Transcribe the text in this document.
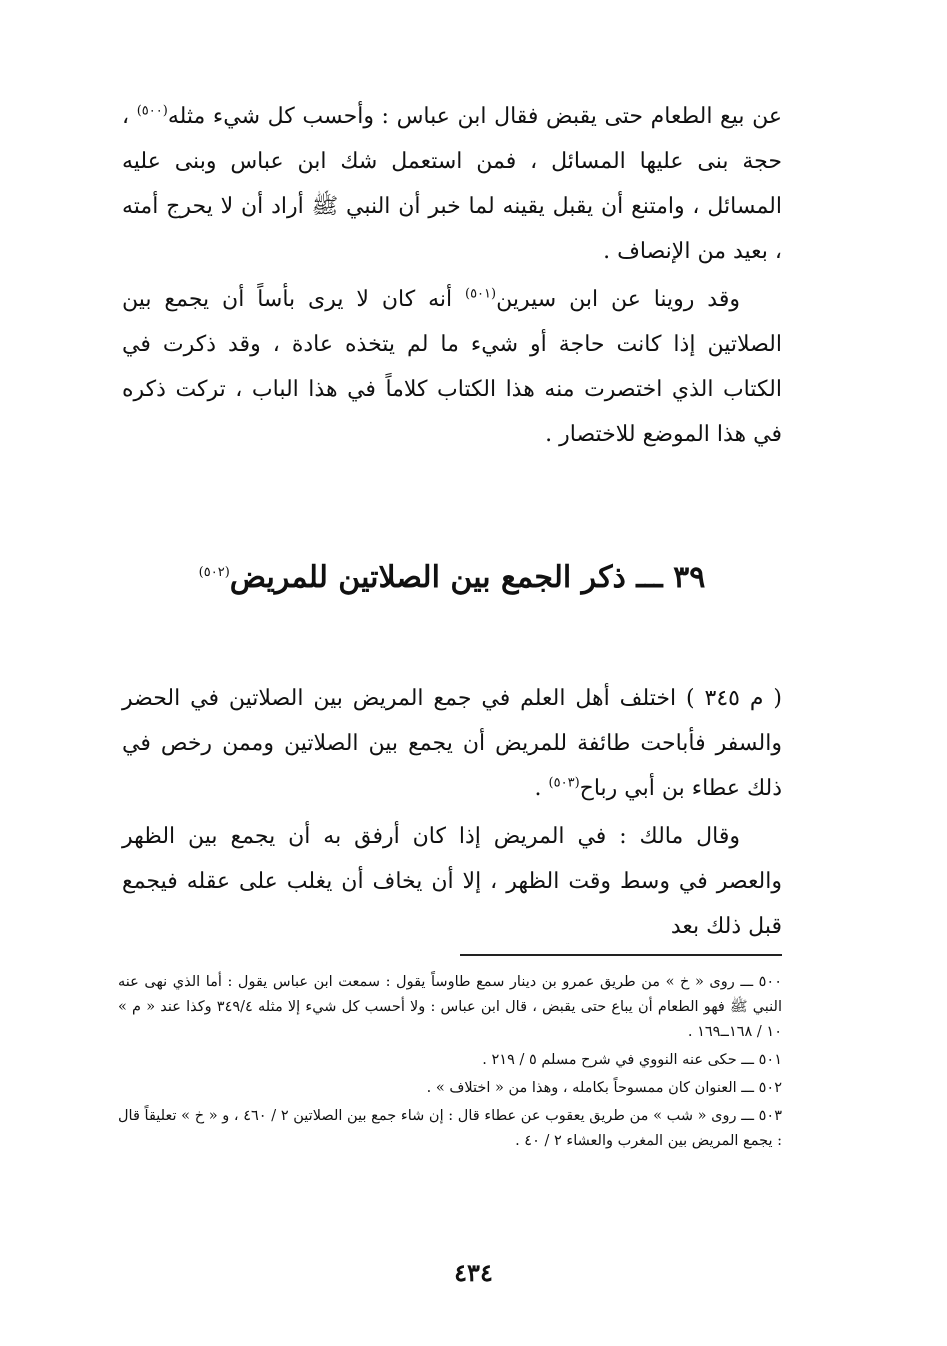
عن بيع الطعام حتى يقبض فقال ابن عباس : وأحسب كل شيء مثله$^{(٥٠٠)}$ ، حجة بنى عليها المسائل ، فمن استعمل شك ابن عباس وبنى عليه المسائل ، وامتنع أن يقبل يقينه لما خبر أن النبي ﷺ أراد أن لا يحرج أمته ، بعيد من الإنصاف .

وقد روينا عن ابن سيرين$^{(٥٠١)}$ أنه كان لا يرى بأساً أن يجمع بين الصلاتين إذا كانت حاجة أو شيء ما لم يتخذه عادة ، وقد ذكرت في الكتاب الذي اختصرت منه هذا الكتاب كلاماً في هذا الباب ، تركت ذكره في هذا الموضع للاختصار .

٣٩ ـــ ذكر الجمع بين الصلاتين للمريض$^{(٥٠٢)}$

( م ٣٤٥ ) اختلف أهل العلم في جمع المريض بين الصلاتين في الحضر والسفر فأباحت طائفة للمريض أن يجمع بين الصلاتين وممن رخص في ذلك عطاء بن أبي رباح$^{(٥٠٣)}$ .

وقال مالك : في المريض إذا كان أرفق به أن يجمع بين الظهر والعصر في وسط وقت الظهر ، إلا أن يخاف أن يغلب على عقله فيجمع قبل ذلك بعد

٥٠٠ ـــ روى « خ » من طريق عمرو بن دينار سمع طاوساً يقول : سمعت ابن عباس يقول : أما الذي نهى عنه النبي ﷺ فهو الطعام أن يباع حتى يقبض ، قال ابن عباس : ولا أحسب كل شيء إلا مثله ٣٤٩/٤ وكذا عند « م » ١٠ / ١٦٨ــ١٦٩ .

٥٠١ ـــ حكى عنه النووي في شرح مسلم ٥ / ٢١٩ .

٥٠٢ ـــ العنوان كان ممسوحاً بكامله ، وهذا من « اختلاف » .

٥٠٣ ـــ روى « شب » من طريق يعقوب عن عطاء قال : إن شاء جمع بين الصلاتين ٢ / ٤٦٠ ، و « خ » تعليقاً قال : يجمع المريض بين المغرب والعشاء ٢ / ٤٠ .

٤٣٤
